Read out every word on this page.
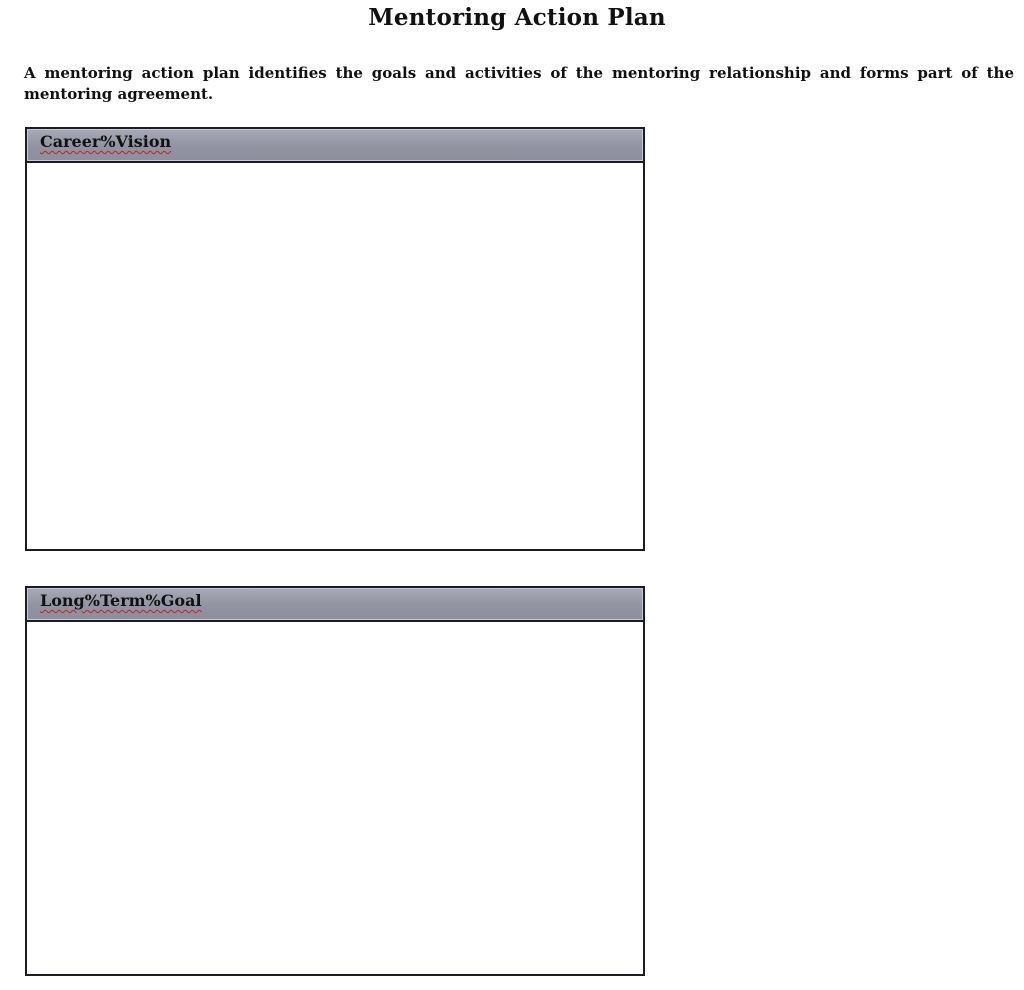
Mentoring Action Plan
A mentoring action plan identifies the goals and activities of the mentoring relationship and forms part of the mentoring agreement.
Career%Vision
Long%Term%Goal
